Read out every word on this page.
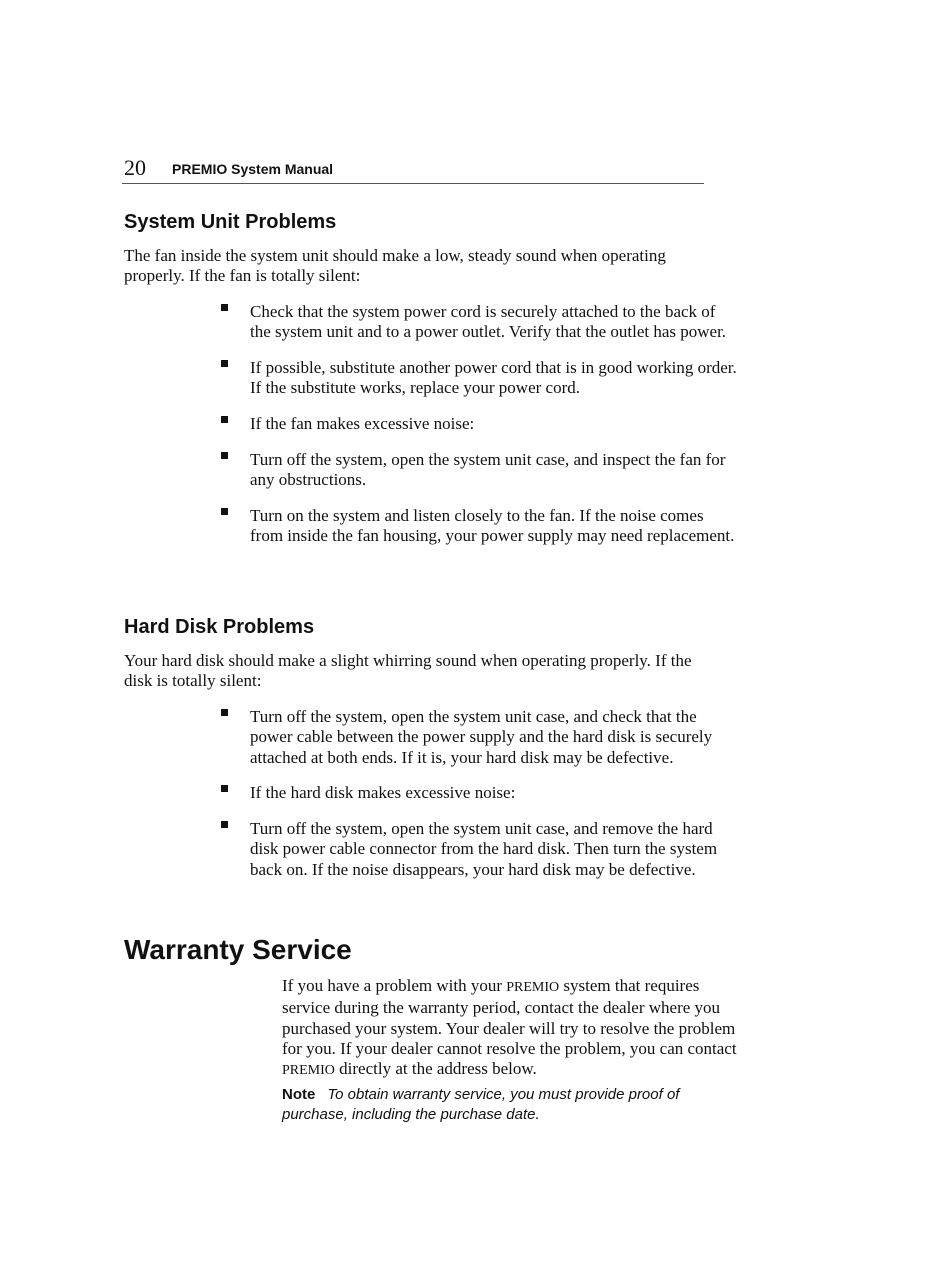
20 PREMIO System Manual
System Unit Problems

The fan inside the system unit should make a low, steady sound when operating properly. If the fan is totally silent:

Check that the system power cord is securely attached to the back of the system unit and to a power outlet. Verify that the outlet has power.
If possible, substitute another power cord that is in good working order. If the substitute works, replace your power cord.
If the fan makes excessive noise:
Turn off the system, open the system unit case, and inspect the fan for any obstructions.
Turn on the system and listen closely to the fan. If the noise comes from inside the fan housing, your power supply may need replacement.
Hard Disk Problems

Your hard disk should make a slight whirring sound when operating properly. If the disk is totally silent:

Turn off the system, open the system unit case, and check that the power cable between the power supply and the hard disk is securely attached at both ends. If it is, your hard disk may be defective.
If the hard disk makes excessive noise:
Turn off the system, open the system unit case, and remove the hard disk power cable connector from the hard disk. Then turn the system back on. If the noise disappears, your hard disk may be defective.
Warranty Service

If you have a problem with your PREMIO system that requires service during the warranty period, contact the dealer where you purchased your system. Your dealer will try to resolve the problem for you. If your dealer cannot resolve the problem, you can contact PREMIO directly at the address below.

Note To obtain warranty service, you must provide proof of purchase, including the purchase date.
